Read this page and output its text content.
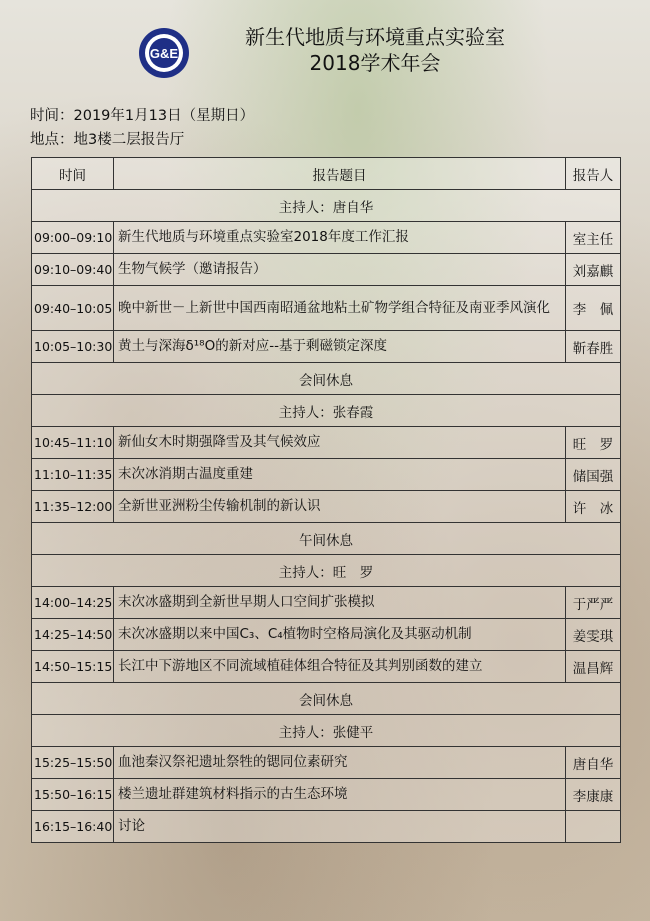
G&E
新生代地质与环境重点实验室
2018学术年会
时间：2019年1月13日（星期日）
地点：地3楼二层报告厅
时间	报告题目	报告人
主持人：唐自华		
09:00–09:10	新生代地质与环境重点实验室2018年度工作汇报	室主任
09:10–09:40	生物气候学（邀请报告）	刘嘉麒
09:40–10:05	晚中新世－上新世中国西南昭通盆地粘土矿物学组合特征及南亚季风演化	李　佩
10:05–10:30	黄土与深海δ¹⁸O的新对应--基于剩磁锁定深度	靳春胜
会间休息		
主持人：张春霞		
10:45–11:10	新仙女木时期强降雪及其气候效应	旺　罗
11:10–11:35	末次冰消期古温度重建	储国强
11:35–12:00	全新世亚洲粉尘传输机制的新认识	许　冰
午间休息		
主持人：旺　罗		
14:00–14:25	末次冰盛期到全新世早期人口空间扩张模拟	于严严
14:25–14:50	末次冰盛期以来中国C₃、C₄植物时空格局演化及其驱动机制	姜雯琪
14:50–15:15	长江中下游地区不同流域植硅体组合特征及其判别函数的建立	温昌辉
会间休息		
主持人：张健平		
15:25–15:50	血池秦汉祭祀遗址祭牲的锶同位素研究	唐自华
15:50–16:15	楼兰遗址群建筑材料指示的古生态环境	李康康
16:15–16:40	讨论	
